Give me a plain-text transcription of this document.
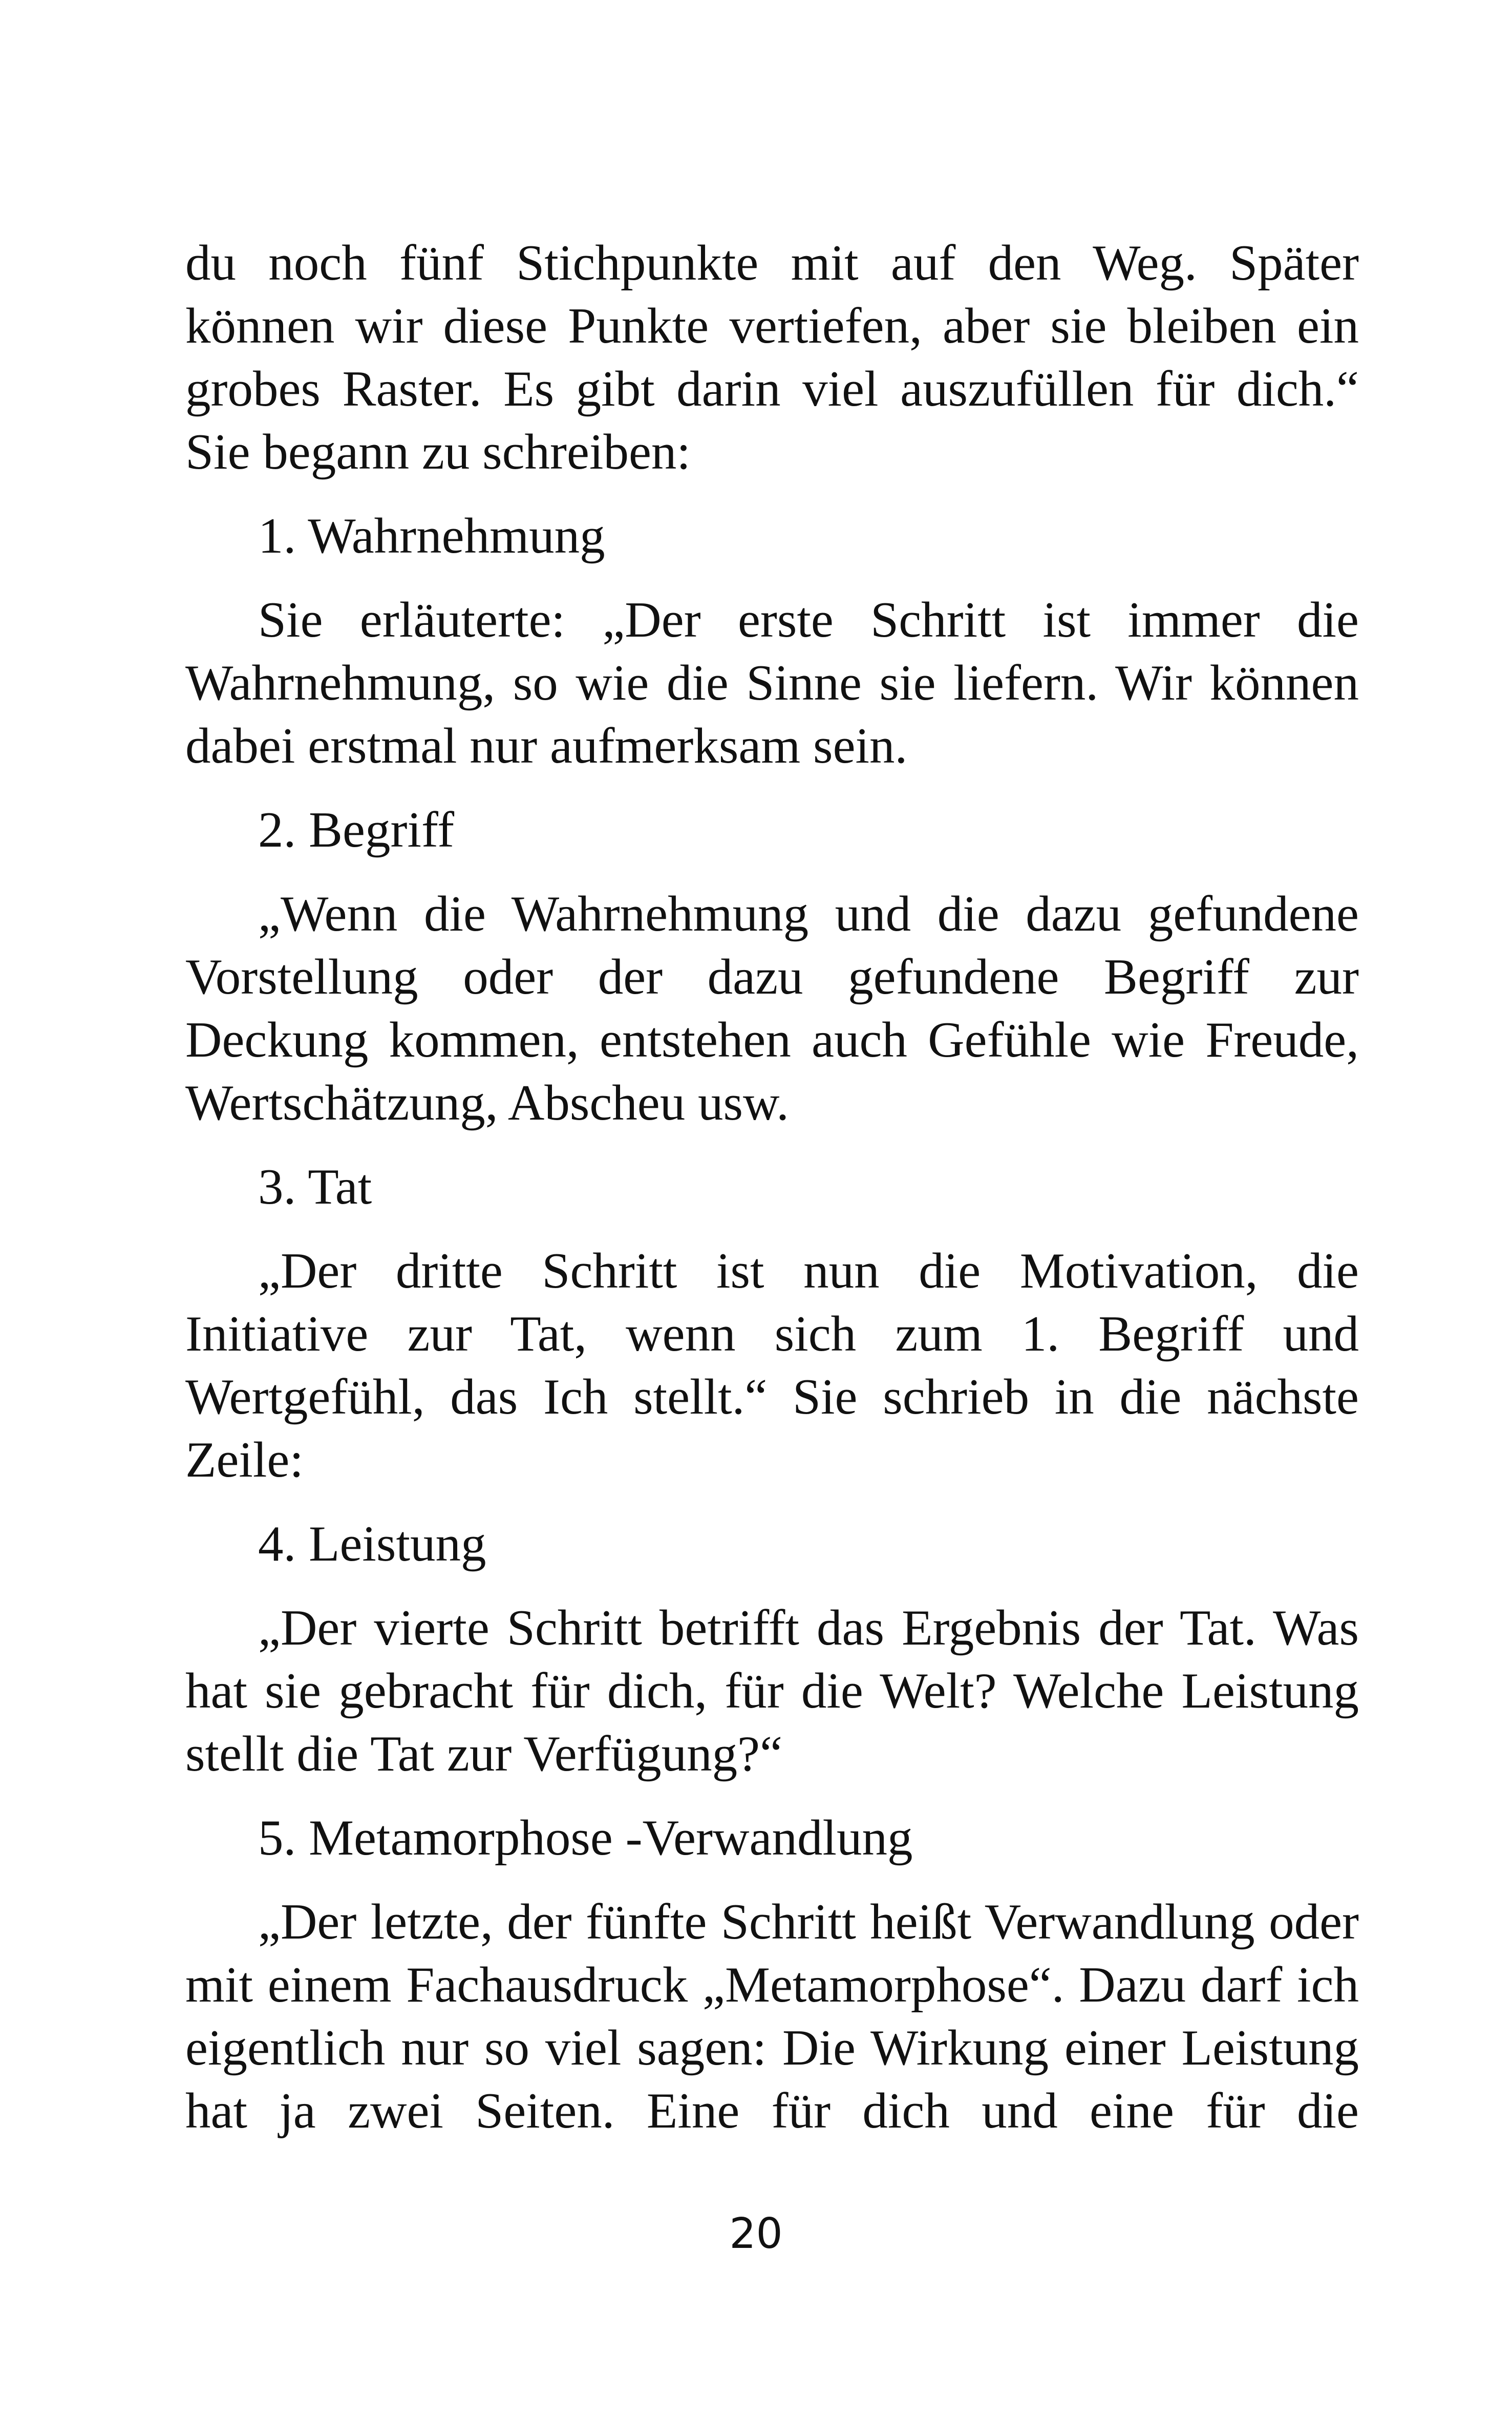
du noch fünf Stichpunkte mit auf den Weg. Später können wir diese Punkte vertiefen, aber sie bleiben ein grobes Raster. Es gibt darin viel auszufüllen für dich.“ Sie begann zu schreiben:

1. Wahrnehmung

Sie erläuterte: „Der erste Schritt ist immer die Wahrnehmung, so wie die Sinne sie liefern. Wir können dabei erstmal nur aufmerksam sein.

2. Begriff

„Wenn die Wahrnehmung und die dazu gefundene Vorstellung oder der dazu gefundene Begriff zur Deckung kommen, entstehen auch Gefühle wie Freude, Wertschätzung, Abscheu usw.

3. Tat

„Der dritte Schritt ist nun die Motivation, die Initiative zur Tat, wenn sich zum 1. Begriff und Wertgefühl, das Ich stellt.“ Sie schrieb in die nächste Zeile:

4. Leistung

„Der vierte Schritt betrifft das Ergebnis der Tat. Was hat sie gebracht für dich, für die Welt? Welche Leistung stellt die Tat zur Verfügung?“

5. Metamorphose -Verwandlung

„Der letzte, der fünfte Schritt heißt Verwandlung oder mit einem Fachausdruck „Metamorphose“. Dazu darf ich eigentlich nur so viel sagen: Die Wirkung einer Leistung hat ja zwei Seiten. Eine für dich und eine für die

20
